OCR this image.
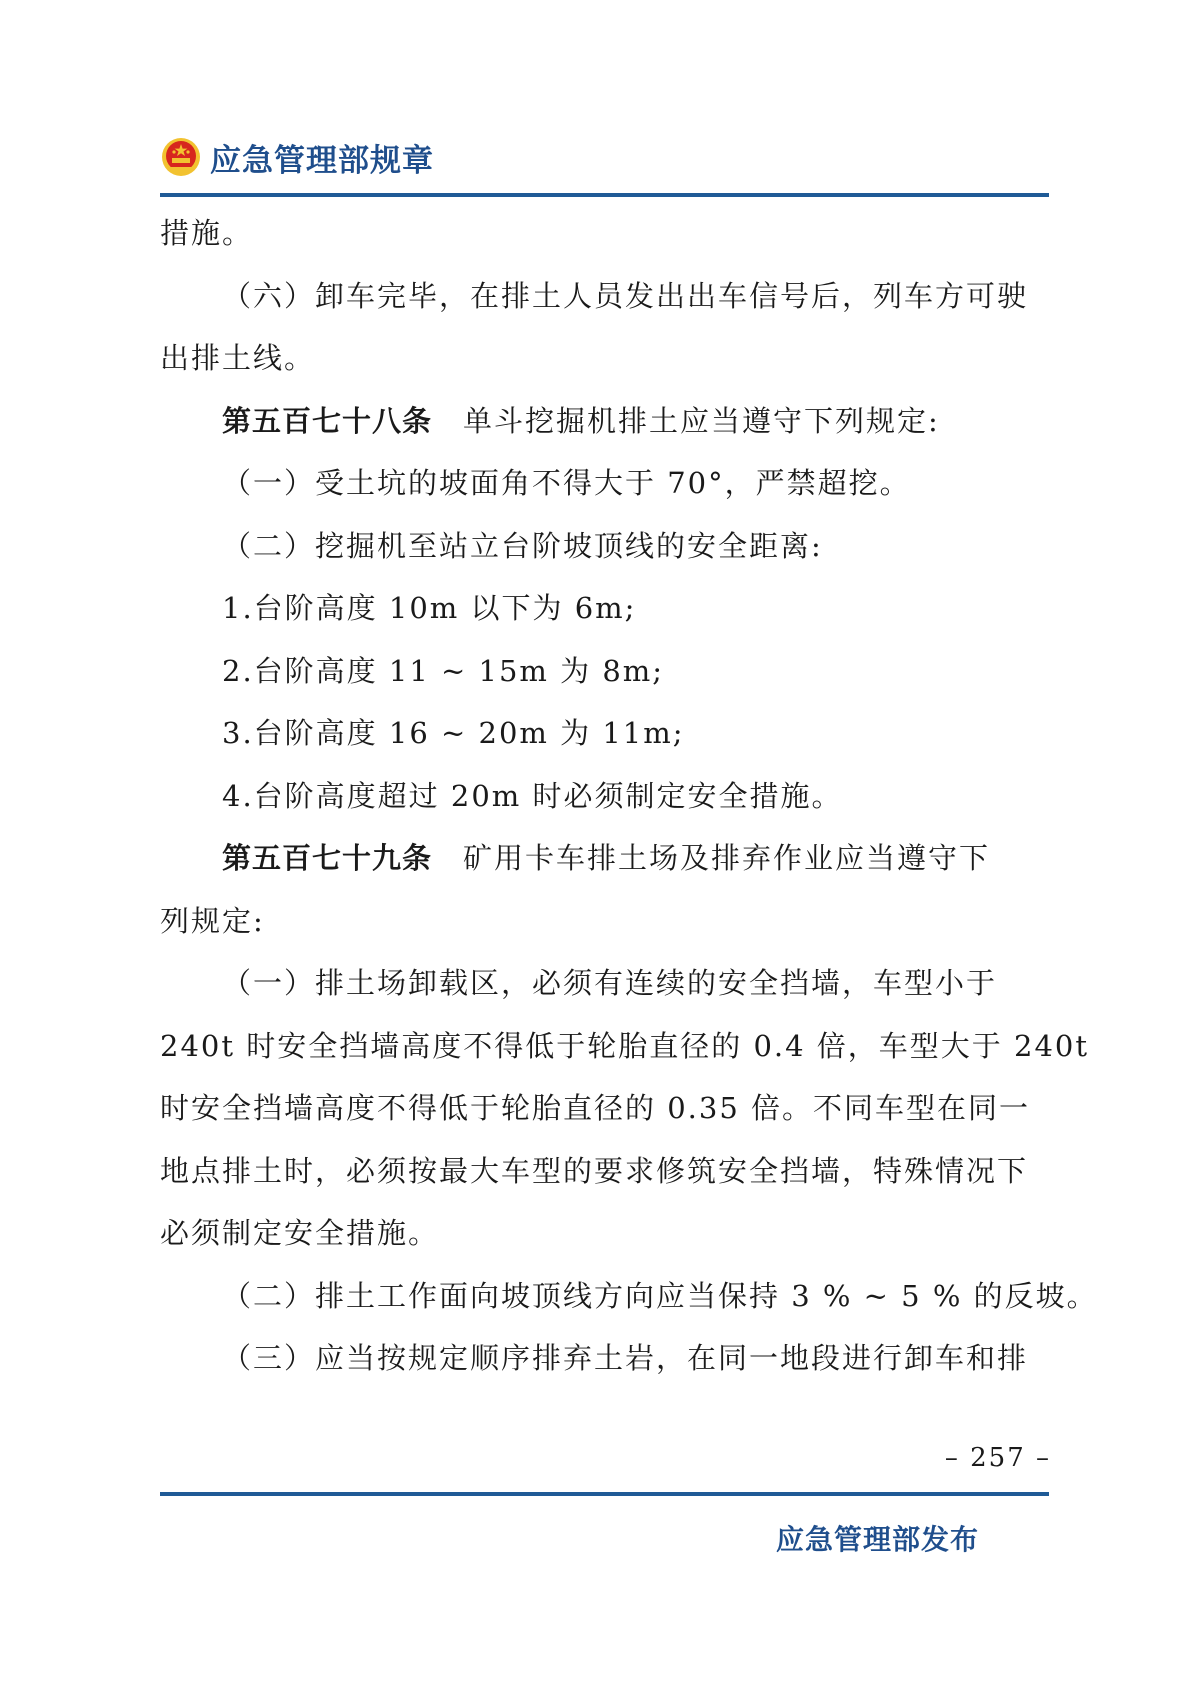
应急管理部规章

措施。

（六）卸车完毕，在排土人员发出出车信号后，列车方可驶

出排土线。

第五百七十八条　 单斗挖掘机排土应当遵守下列规定:

（一）受土坑的坡面角不得大于 70°，严禁超挖。

（二）挖掘机至站立台阶坡顶线的安全距离:

1.台阶高度 10m 以下为 6m;

2.台阶高度 11 ~ 15m 为 8m;

3.台阶高度 16 ~ 20m 为 11m;

4.台阶高度超过 20m 时必须制定安全措施。

第五百七十九条　 矿用卡车排土场及排弃作业应当遵守下

列规定:

（一）排土场卸载区，必须有连续的安全挡墙，车型小于

240t 时安全挡墙高度不得低于轮胎直径的 0.4 倍，车型大于 240t

时安全挡墙高度不得低于轮胎直径的 0.35 倍。不同车型在同一

地点排土时，必须按最大车型的要求修筑安全挡墙，特殊情况下

必须制定安全措施。

（二）排土工作面向坡顶线方向应当保持 3 % ~ 5 % 的反坡。

（三）应当按规定顺序排弃土岩，在同一地段进行卸车和排

– 257 –
应急管理部发布
